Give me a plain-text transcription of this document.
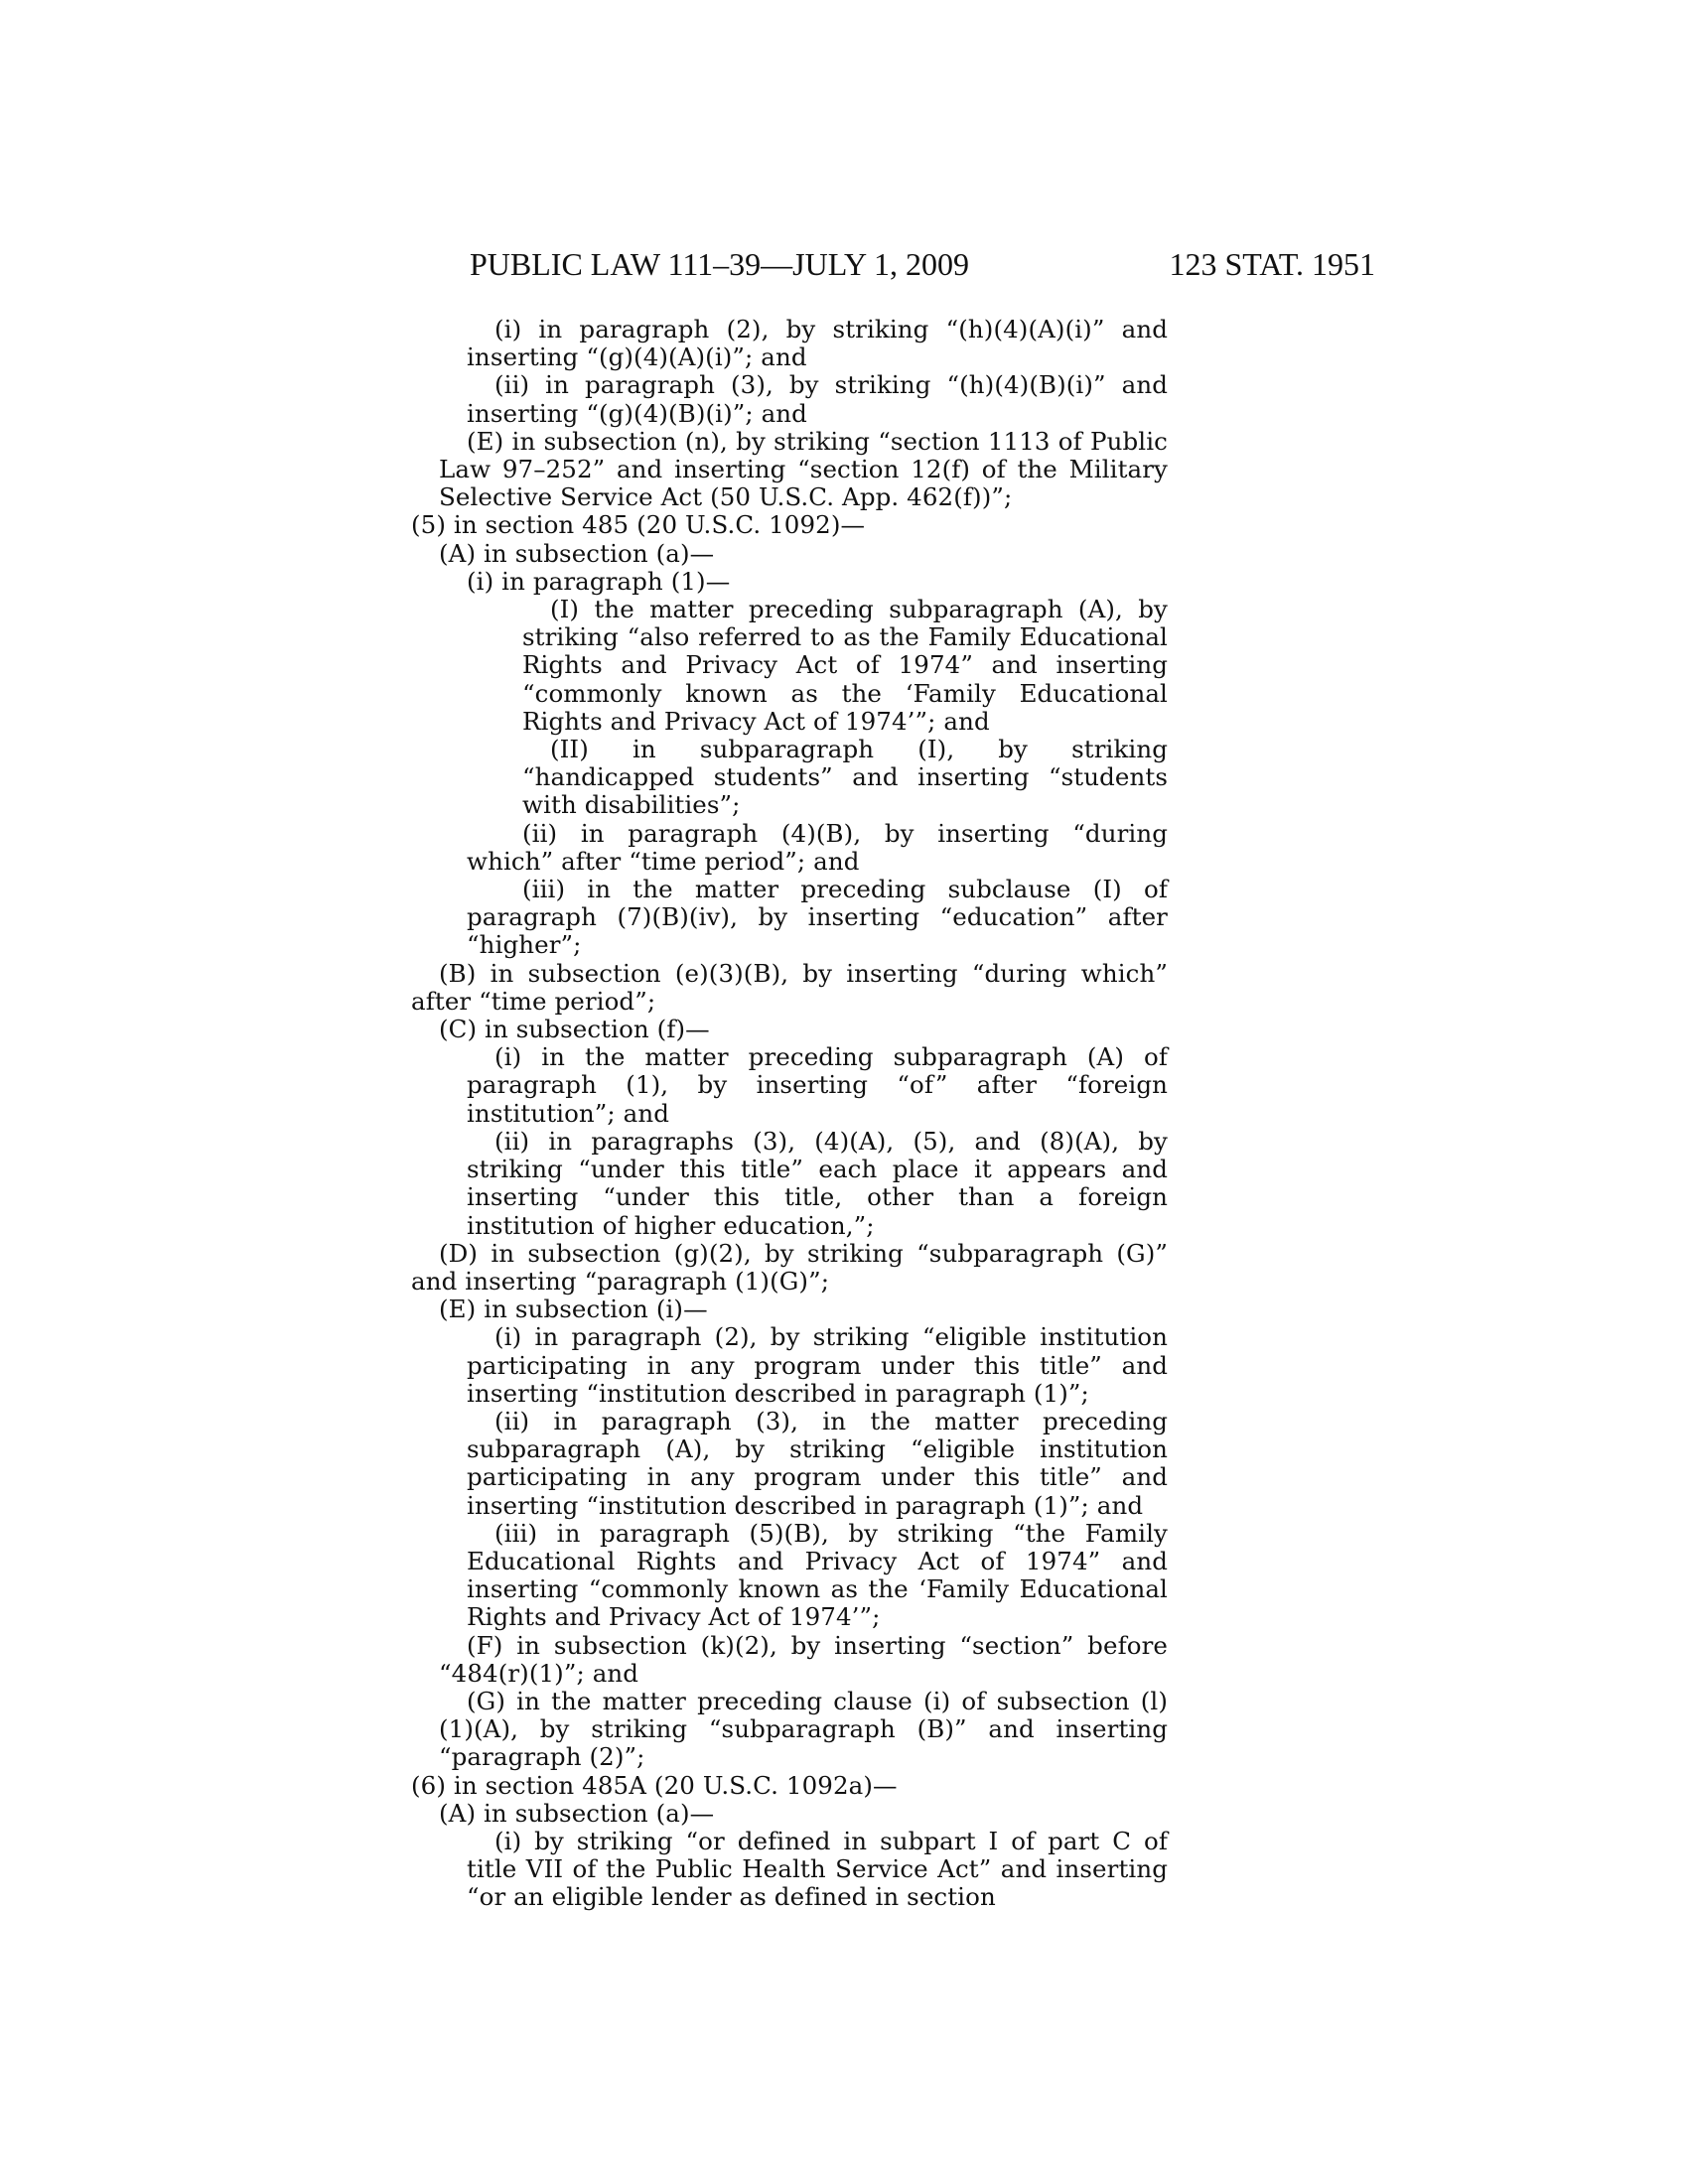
PUBLIC LAW 111–39—JULY 1, 2009	123 STAT. 1951

(i) in paragraph (2), by striking “(h)(4)(A)(i)” and inserting “(g)(4)(A)(i)”; and

(ii) in paragraph (3), by striking “(h)(4)(B)(i)” and inserting “(g)(4)(B)(i)”; and

(E) in subsection (n), by striking “section 1113 of Public Law 97–252” and inserting “section 12(f) of the Military Selective Service Act (50 U.S.C. App. 462(f))”;

(5) in section 485 (20 U.S.C. 1092)—

(A) in subsection (a)—

(i) in paragraph (1)—

(I) the matter preceding subparagraph (A), by striking “also referred to as the Family Educational Rights and Privacy Act of 1974” and inserting “commonly known as the ‘Family Educational Rights and Privacy Act of 1974’”; and

(II) in subparagraph (I), by striking “handicapped students” and inserting “students with disabilities”;

(ii) in paragraph (4)(B), by inserting “during which” after “time period”; and

(iii) in the matter preceding subclause (I) of paragraph (7)(B)(iv), by inserting “education” after “higher”;

(B) in subsection (e)(3)(B), by inserting “during which” after “time period”;

(C) in subsection (f)—

(i) in the matter preceding subparagraph (A) of paragraph (1), by inserting “of” after “foreign institution”; and

(ii) in paragraphs (3), (4)(A), (5), and (8)(A), by striking “under this title” each place it appears and inserting “under this title, other than a foreign institution of higher education,”;

(D) in subsection (g)(2), by striking “subparagraph (G)” and inserting “paragraph (1)(G)”;

(E) in subsection (i)—

(i) in paragraph (2), by striking “eligible institution participating in any program under this title” and inserting “institution described in paragraph (1)”;

(ii) in paragraph (3), in the matter preceding subparagraph (A), by striking “eligible institution participating in any program under this title” and inserting “institution described in paragraph (1)”; and

(iii) in paragraph (5)(B), by striking “the Family Educational Rights and Privacy Act of 1974” and inserting “commonly known as the ‘Family Educational Rights and Privacy Act of 1974’”;

(F) in subsection (k)(2), by inserting “section” before “484(r)(1)”; and

(G) in the matter preceding clause (i) of subsection (l)(1)(A), by striking “subparagraph (B)” and inserting “paragraph (2)”;

(6) in section 485A (20 U.S.C. 1092a)—

(A) in subsection (a)—

(i) by striking “or defined in subpart I of part C of title VII of the Public Health Service Act” and inserting “or an eligible lender as defined in section
